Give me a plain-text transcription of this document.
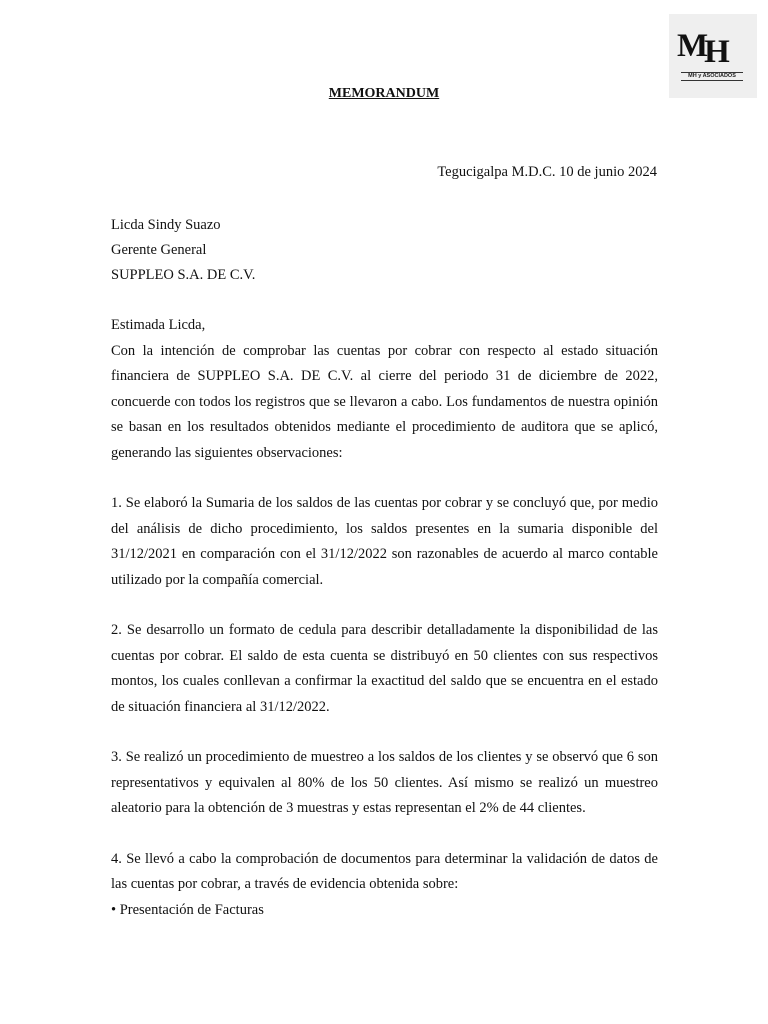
MH
MH y ASOCIADOS
MEMORANDUM
Tegucigalpa M.D.C. 10 de junio 2024
Licda Sindy Suazo
Gerente General
SUPPLEO S.A. DE C.V.

Estimada Licda,

Con la intención de comprobar las cuentas por cobrar con respecto al estado situación financiera de SUPPLEO S.A. DE C.V. al cierre del periodo 31 de diciembre de 2022, concuerde con todos los registros que se llevaron a cabo. Los fundamentos de nuestra opinión se basan en los resultados obtenidos mediante el procedimiento de auditora que se aplicó, generando las siguientes observaciones:

1. Se elaboró la Sumaria de los saldos de las cuentas por cobrar y se concluyó que, por medio del análisis de dicho procedimiento, los saldos presentes en la sumaria disponible del 31/12/2021 en comparación con el 31/12/2022 son razonables de acuerdo al marco contable utilizado por la compañía comercial.

2. Se desarrollo un formato de cedula para describir detalladamente la disponibilidad de las cuentas por cobrar. El saldo de esta cuenta se distribuyó en 50 clientes con sus respectivos montos, los cuales conllevan a confirmar la exactitud del saldo que se encuentra en el estado de situación financiera al 31/12/2022.

3. Se realizó un procedimiento de muestreo a los saldos de los clientes y se observó que 6 son representativos y equivalen al 80% de los 50 clientes. Así mismo se realizó un muestreo aleatorio para la obtención de 3 muestras y estas representan el 2% de 44 clientes.

4. Se llevó a cabo la comprobación de documentos para determinar la validación de datos de las cuentas por cobrar, a través de evidencia obtenida sobre:

• Presentación de Facturas
